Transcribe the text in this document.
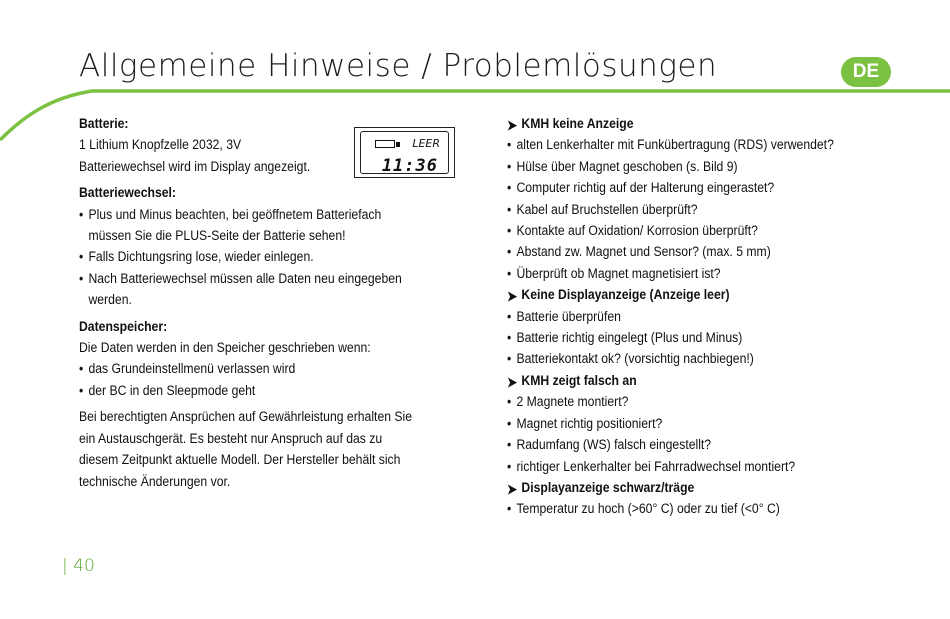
Allgemeine Hinweise / Problemlösungen	DE
LEER
11:36

Batterie:

1 Lithium Knopfzelle 2032, 3V

Batteriewechsel wird im Display angezeigt.

Batteriewechsel:

• Plus und Minus beachten, bei geöffnetem Batteriefach müssen Sie die PLUS-Seite der Batterie sehen!
• Falls Dichtungsring lose, wieder einlegen.
• Nach Batteriewechsel müssen alle Daten neu eingegeben werden.

Datenspeicher:

Die Daten werden in den Speicher geschrieben wenn:

• das Grundeinstellmenü verlassen wird
• der BC in den Sleepmode geht

Bei berechtigten Ansprüchen auf Gewährleistung erhalten Sie ein Austauschgerät. Es besteht nur Anspruch auf das zu diesem Zeitpunkt aktuelle Modell. Der Hersteller behält sich technische Änderungen vor.

➤ KMH keine Anzeige
• alten Lenkerhalter mit Funkübertragung (RDS) verwendet?
• Hülse über Magnet geschoben (s. Bild 9)
• Computer richtig auf der Halterung eingerastet?
• Kabel auf Bruchstellen überprüft?
• Kontakte auf Oxidation/ Korrosion überprüft?
• Abstand zw. Magnet und Sensor? (max. 5 mm)
• Überprüft ob Magnet magnetisiert ist?
➤ Keine Displayanzeige (Anzeige leer)
• Batterie überprüfen
• Batterie richtig eingelegt (Plus und Minus)
• Batteriekontakt ok? (vorsichtig nachbiegen!)
➤ KMH zeigt falsch an
• 2 Magnete montiert?
• Magnet richtig positioniert?
• Radumfang (WS) falsch eingestellt?
• richtiger Lenkerhalter bei Fahrradwechsel montiert?
➤ Displayanzeige schwarz/träge
• Temperatur zu hoch (>60° C) oder zu tief (<0° C)
| 40
